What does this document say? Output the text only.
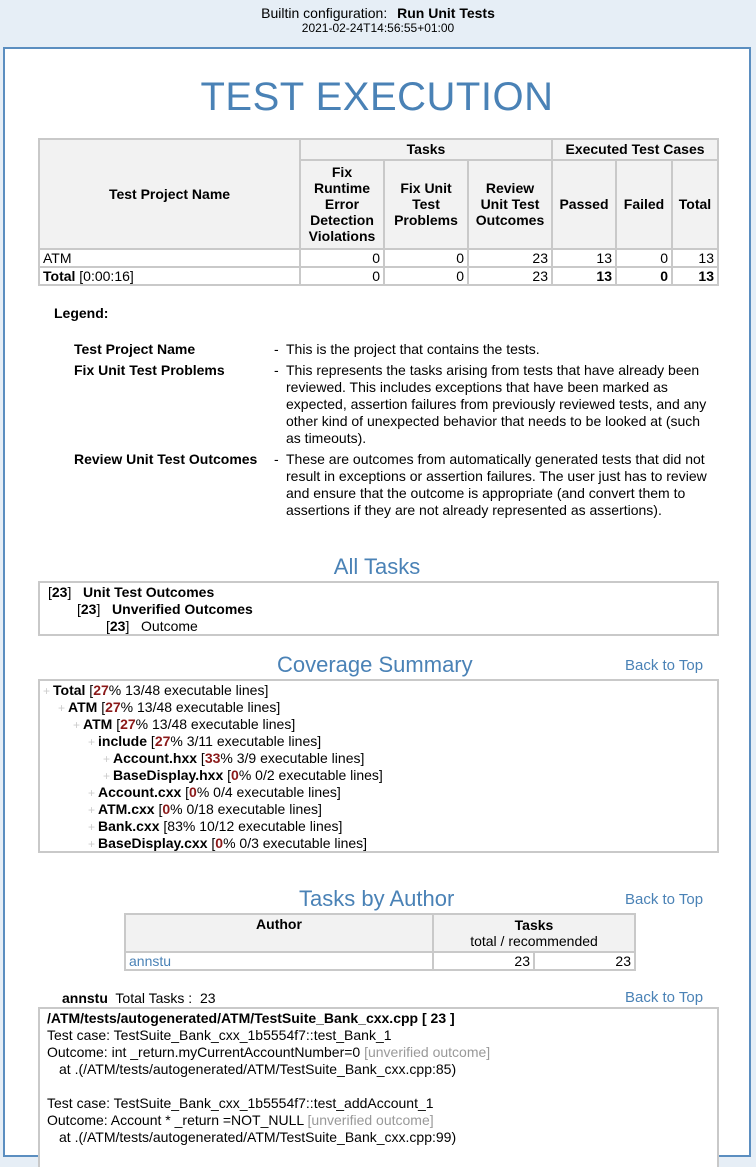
Builtin configuration: Run Unit Tests
2021-02-24T14:56:55+01:00
TEST EXECUTION
Test Project Name	Tasks			Executed Test Cases		
	Fix Runtime Error Detection Violations	Fix Unit Test Problems	Review Unit Test Outcomes	Passed	Failed	Total
ATM	0	0	23	13	0	13
Total [0:00:16]	0	0	23	13	0	13
Legend:
Test Project Name	- This is the project that contains the tests.
Fix Unit Test Problems	- This represents the tasks arising from tests that have already been reviewed. This includes exceptions that have been marked as expected, assertion failures from previously reviewed tests, and any other kind of unexpected behavior that needs to be looked at (such as timeouts).
Review Unit Test Outcomes	- These are outcomes from automatically generated tests that did not result in exceptions or assertion failures. The user just has to review and ensure that the outcome is appropriate (and convert them to assertions if they are not already represented as assertions).
All Tasks
[23]   Unit Test Outcomes
[23]   Unverified Outcomes
[23]   Outcome
Coverage Summary	Back to Top
+ Total [27% 13/48 executable lines]
+ ATM [27% 13/48 executable lines]
+ ATM [27% 13/48 executable lines]
+ include [27% 3/11 executable lines]
+ Account.hxx [33% 3/9 executable lines]
+ BaseDisplay.hxx [0% 0/2 executable lines]
+ Account.cxx [0% 0/4 executable lines]
+ ATM.cxx [0% 0/18 executable lines]
+ Bank.cxx [83% 10/12 executable lines]
+ BaseDisplay.cxx [0% 0/3 executable lines]
Tasks by Author	Back to Top
Author	Tasks
total / recommended	

annstu	23	23
annstu Total Tasks : 23	Back to Top
/ATM/tests/autogenerated/ATM/TestSuite_Bank_cxx.cpp [ 23 ]
Test case: TestSuite_Bank_cxx_1b5554f7::test_Bank_1
Outcome: int _return.myCurrentAccountNumber=0 [unverified outcome]
at .(/ATM/tests/autogenerated/ATM/TestSuite_Bank_cxx.cpp:85)
Test case: TestSuite_Bank_cxx_1b5554f7::test_addAccount_1
Outcome: Account * _return =NOT_NULL [unverified outcome]
at .(/ATM/tests/autogenerated/ATM/TestSuite_Bank_cxx.cpp:99)
